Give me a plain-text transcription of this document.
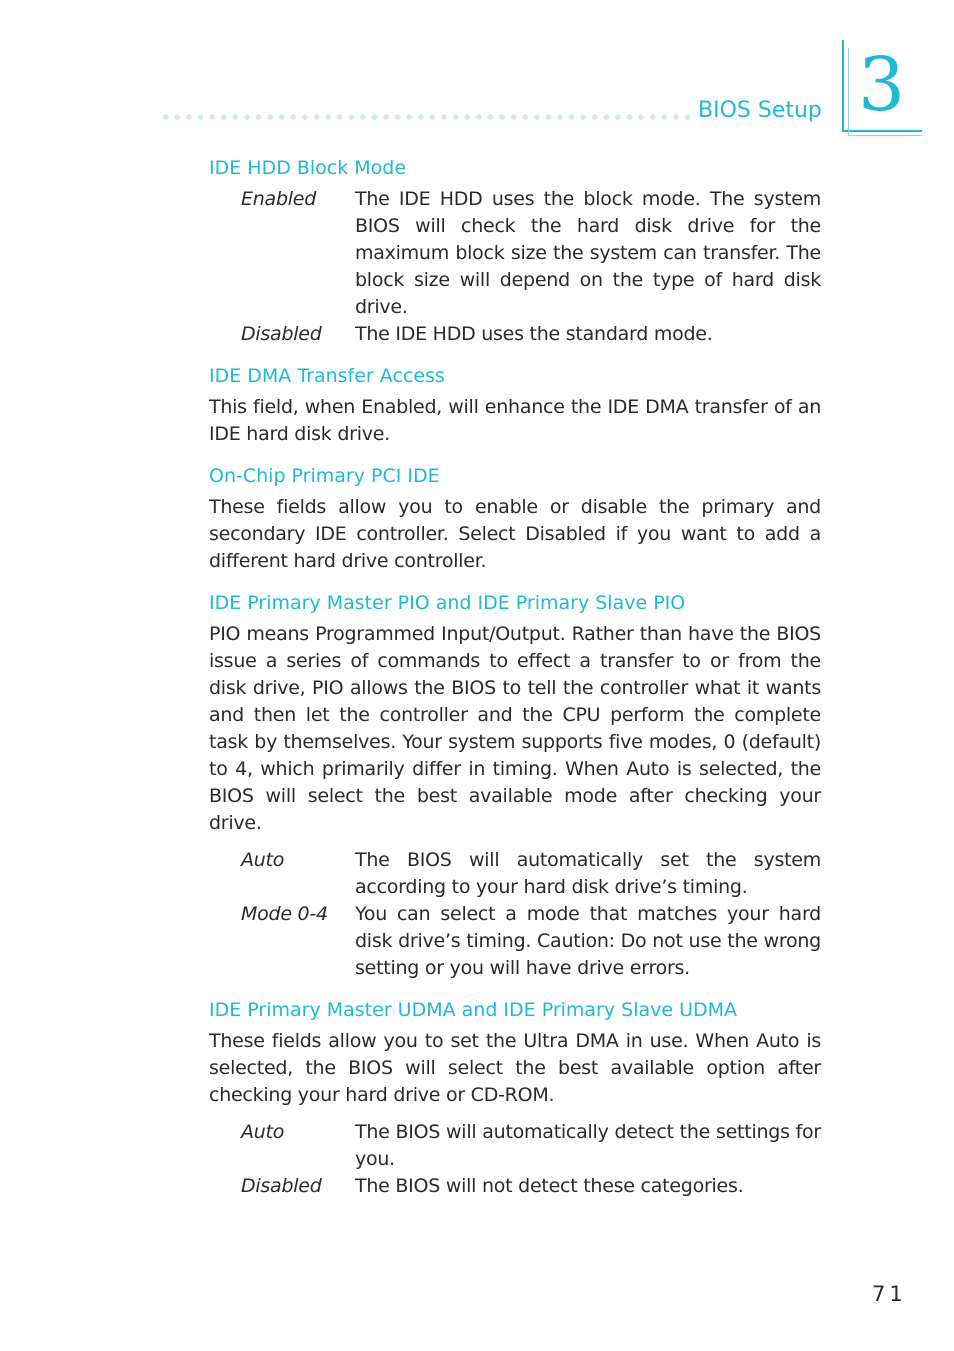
BIOS Setup 3
IDE HDD Block Mode
Enabled	The IDE HDD uses the block mode. The system BIOS will check the hard disk drive for the maximum block size the system can transfer. The block size will depend on the type of hard disk drive.
Disabled	The IDE HDD uses the standard mode.
IDE DMA Transfer Access

This field, when Enabled, will enhance the IDE DMA transfer of an IDE hard disk drive.

On-Chip Primary PCI IDE

These fields allow you to enable or disable the primary and secondary IDE controller. Select Disabled if you want to add a different hard drive controller.

IDE Primary Master PIO and IDE Primary Slave PIO

PIO means Programmed Input/Output. Rather than have the BIOS issue a series of commands to effect a transfer to or from the disk drive, PIO allows the BIOS to tell the controller what it wants and then let the controller and the CPU perform the complete task by themselves. Your system supports five modes, 0 (default) to 4, which primarily differ in timing. When Auto is selected, the BIOS will select the best available mode after checking your drive.

Auto	The BIOS will automatically set the system according to your hard disk drive’s timing.
Mode 0-4	You can select a mode that matches your hard disk drive’s timing. Caution: Do not use the wrong setting or you will have drive errors.
IDE Primary Master UDMA and IDE Primary Slave UDMA

These fields allow you to set the Ultra DMA in use. When Auto is selected, the BIOS will select the best available option after checking your hard drive or CD-ROM.

Auto	The BIOS will automatically detect the settings for you.
Disabled	The BIOS will not detect these categories.
71
